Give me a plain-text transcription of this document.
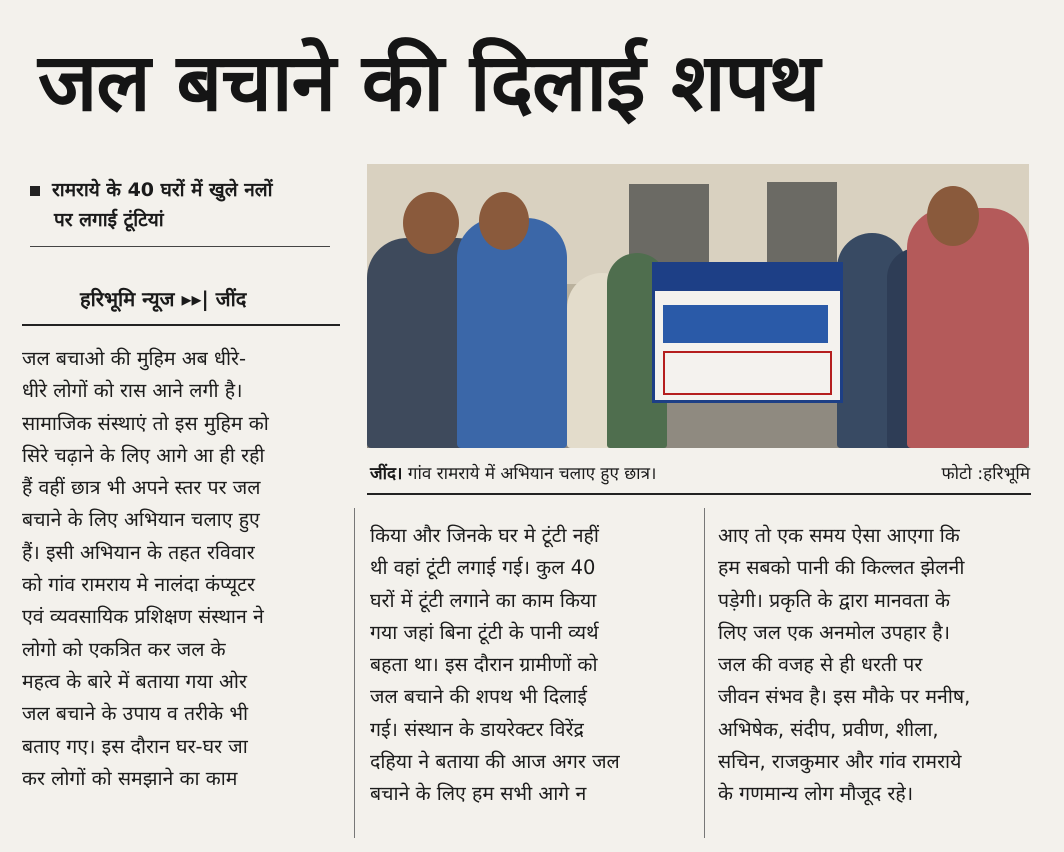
जल बचाने की दिलाई शपथ
रामराये के 40 घरों में खुले नलों
पर लगाई टूंटियां
हरिभूमि न्यूज ▸▸| जींद
जल बचाओ की मुहिम अब धीरे-
धीरे लोगों को रास आने लगी है।
सामाजिक संस्थाएं तो इस मुहिम को
सिरे चढ़ाने के लिए आगे आ ही रही
हैं वहीं छात्र भी अपने स्तर पर जल
बचाने के लिए अभियान चलाए हुए
हैं। इसी अभियान के तहत रविवार
को गांव रामराय मे नालंदा कंप्यूटर
एवं व्यवसायिक प्रशिक्षण संस्थान ने
लोगो को एकत्रित कर जल के
महत्व के बारे में बताया गया ओर
जल बचाने के उपाय व तरीके भी
बताए गए। इस दौरान घर-घर जा
कर लोगों को समझाने का काम
जींद। गांव रामराये में अभियान चलाए हुए छात्र।	फोटो :हरिभूमि
किया और जिनके घर मे टूंटी नहीं
थी वहां टूंटी लगाई गई। कुल 40
घरों में टूंटी लगाने का काम किया
गया जहां बिना टूंटी के पानी व्यर्थ
बहता था। इस दौरान ग्रामीणों को
जल बचाने की शपथ भी दिलाई
गई। संस्थान के डायरेक्टर विरेंद्र
दहिया ने बताया की आज अगर जल
बचाने के लिए हम सभी आगे न
आए तो एक समय ऐसा आएगा कि
हम सबको पानी की किल्लत झेलनी
पड़ेगी। प्रकृति के द्वारा मानवता के
लिए जल एक अनमोल उपहार है।
जल की वजह से ही धरती पर
जीवन संभव है। इस मौके पर मनीष,
अभिषेक, संदीप, प्रवीण, शीला,
सचिन, राजकुमार और गांव रामराये
के गणमान्य लोग मौजूद रहे।
